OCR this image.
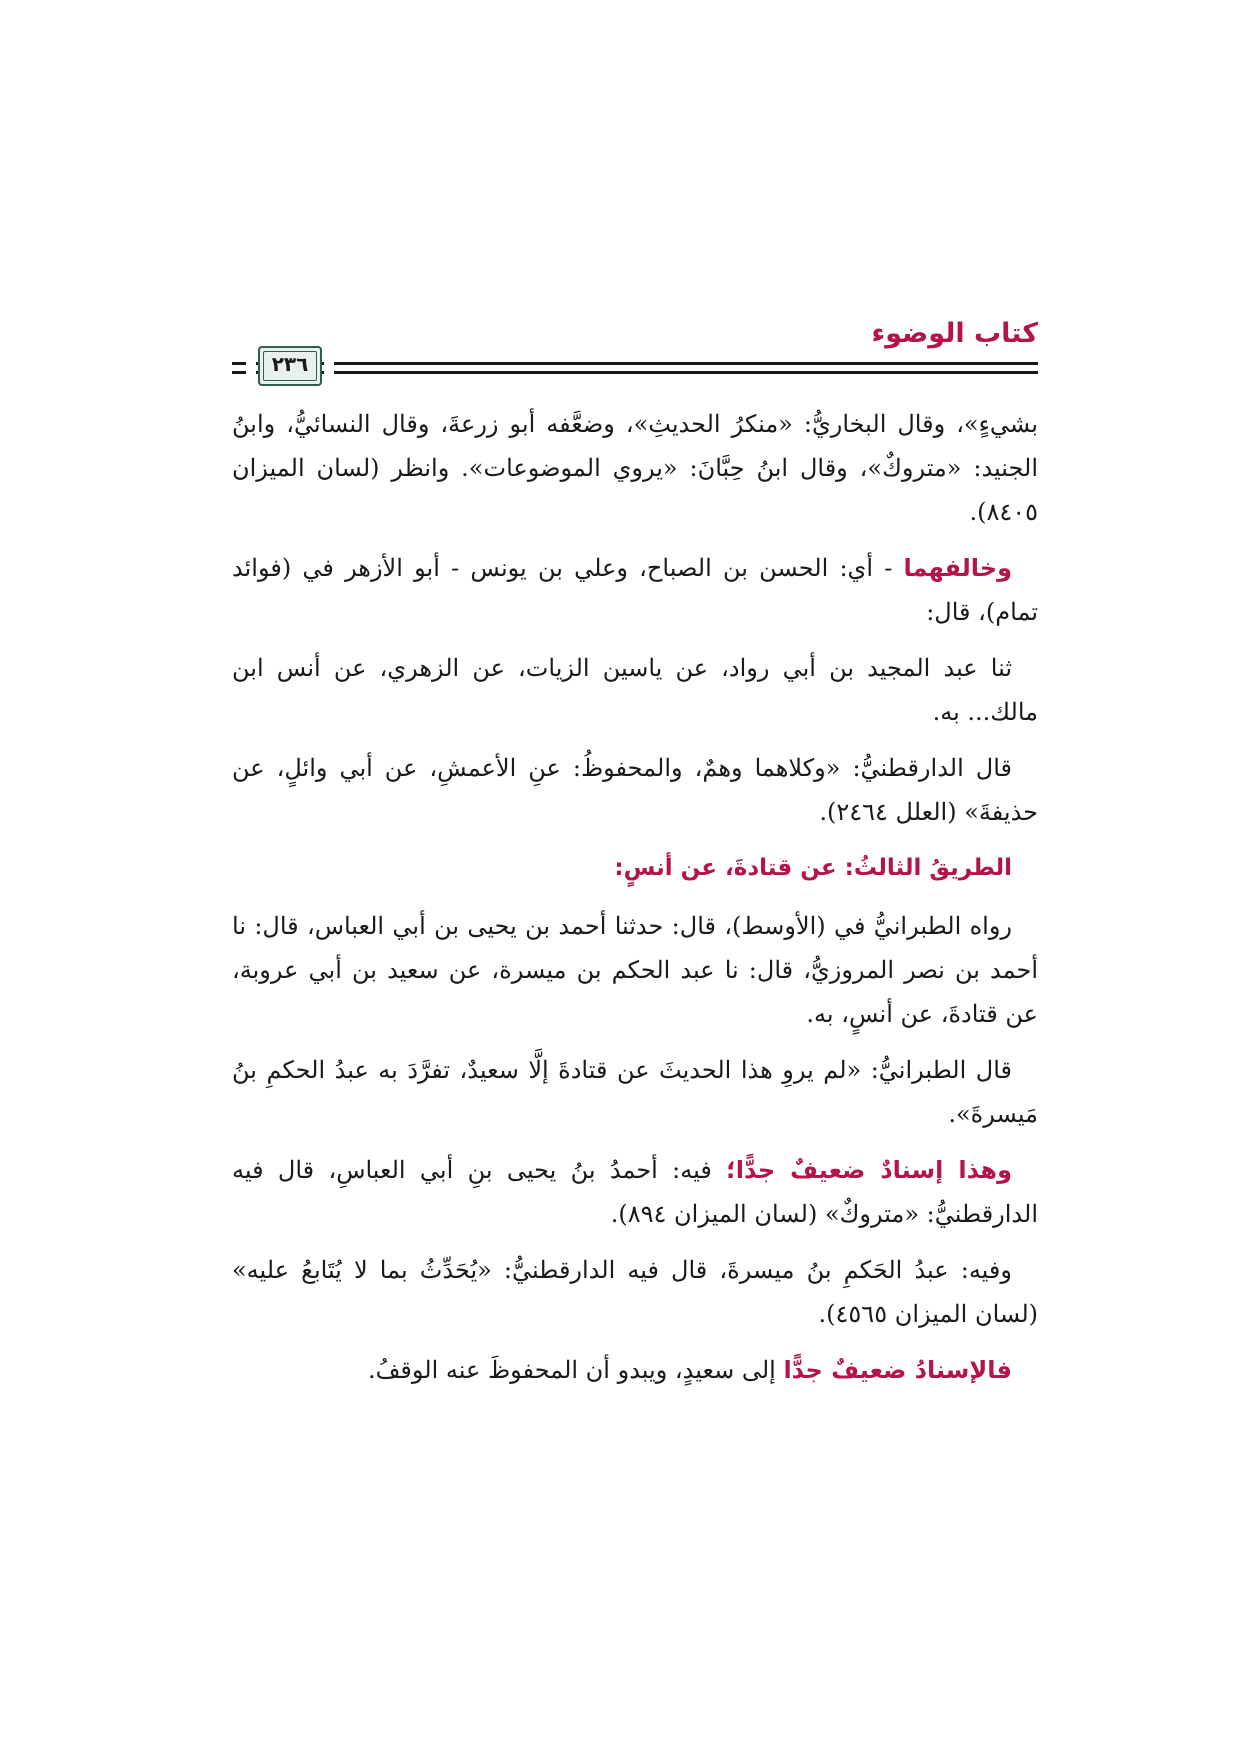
٢٣٦
كتاب الوضوء

بشيءٍ»، وقال البخاريُّ: «منكرُ الحديثِ»، وضعَّفه أبو زرعةَ، وقال النسائيُّ، وابنُ الجنيد: «متروكٌ»، وقال ابنُ حِبَّانَ: «يروي الموضوعات». وانظر (لسان الميزان ٨٤٠٥).

وخالفهما - أي: الحسن بن الصباح، وعلي بن يونس - أبو الأزهر في (فوائد تمام)، قال:

ثنا عبد المجيد بن أبي رواد، عن ياسين الزيات، عن الزهري، عن أنس ابن مالك... به.

قال الدارقطنيُّ: «وكلاهما وهمٌ، والمحفوظُ: عنِ الأعمشِ، عن أبي وائلٍ، عن حذيفةَ» (العلل ٢٤٦٤).

الطريقُ الثالثُ: عن قتادةَ، عن أنسٍ:

رواه الطبرانيُّ في (الأوسط)، قال: حدثنا أحمد بن يحيى بن أبي العباس، قال: نا أحمد بن نصر المروزيُّ، قال: نا عبد الحكم بن ميسرة، عن سعيد بن أبي عروبة، عن قتادةَ، عن أنسٍ، به.

قال الطبرانيُّ: «لم يروِ هذا الحديثَ عن قتادةَ إلَّا سعيدٌ، تفرَّدَ به عبدُ الحكمِ بنُ مَيسرةَ».

وهذا إسنادٌ ضعيفٌ جدًّا؛ فيه: أحمدُ بنُ يحيى بنِ أبي العباسِ، قال فيه الدارقطنيُّ: «متروكٌ» (لسان الميزان ٨٩٤).

وفيه: عبدُ الحَكمِ بنُ ميسرةَ، قال فيه الدارقطنيُّ: «يُحَدِّثُ بما لا يُتَابعُ عليه» (لسان الميزان ٤٥٦٥).

فالإسنادُ ضعيفٌ جدًّا إلى سعيدٍ، ويبدو أن المحفوظَ عنه الوقفُ.
